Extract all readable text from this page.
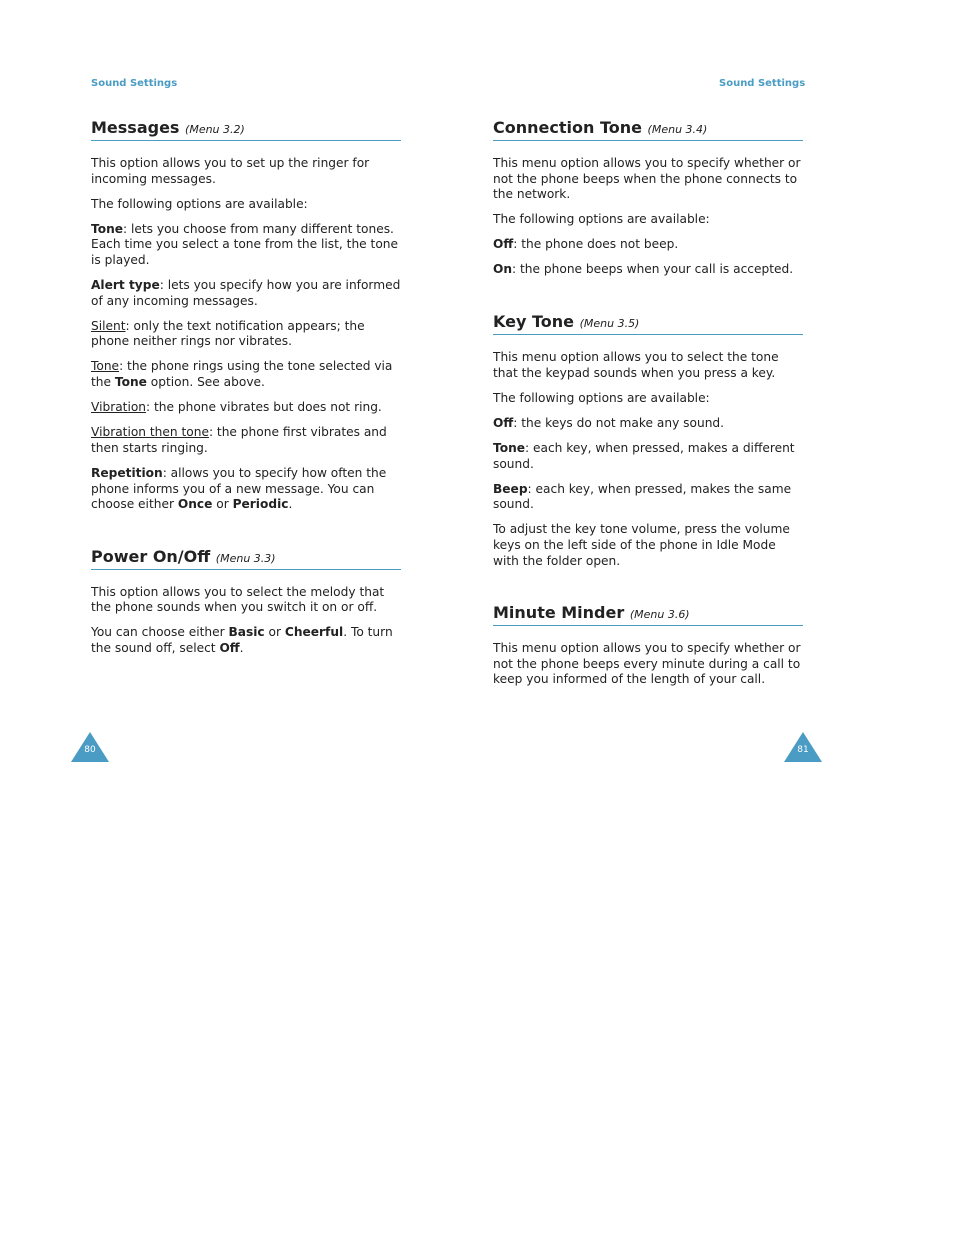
Sound Settings	Sound Settings
Messages (Menu 3.2)

This option allows you to set up the ringer for incoming messages.

The following options are available:

Tone: lets you choose from many different tones. Each time you select a tone from the list, the tone is played.

Alert type: lets you specify how you are informed of any incoming messages.

Silent: only the text notification appears; the phone neither rings nor vibrates.

Tone: the phone rings using the tone selected via the Tone option. See above.

Vibration: the phone vibrates but does not ring.

Vibration then tone: the phone first vibrates and then starts ringing.

Repetition: allows you to specify how often the phone informs you of a new message. You can choose either Once or Periodic.

Power On/Off (Menu 3.3)

This option allows you to select the melody that the phone sounds when you switch it on or off.

You can choose either Basic or Cheerful. To turn the sound off, select Off.

Connection Tone (Menu 3.4)

This menu option allows you to specify whether or not the phone beeps when the phone connects to the network.

The following options are available:

Off: the phone does not beep.

On: the phone beeps when your call is accepted.

Key Tone (Menu 3.5)

This menu option allows you to select the tone that the keypad sounds when you press a key.

The following options are available:

Off: the keys do not make any sound.

Tone: each key, when pressed, makes a different sound.

Beep: each key, when pressed, makes the same sound.

To adjust the key tone volume, press the volume keys on the left side of the phone in Idle Mode with the folder open.

Minute Minder (Menu 3.6)

This menu option allows you to specify whether or not the phone beeps every minute during a call to keep you informed of the length of your call.

80	81
